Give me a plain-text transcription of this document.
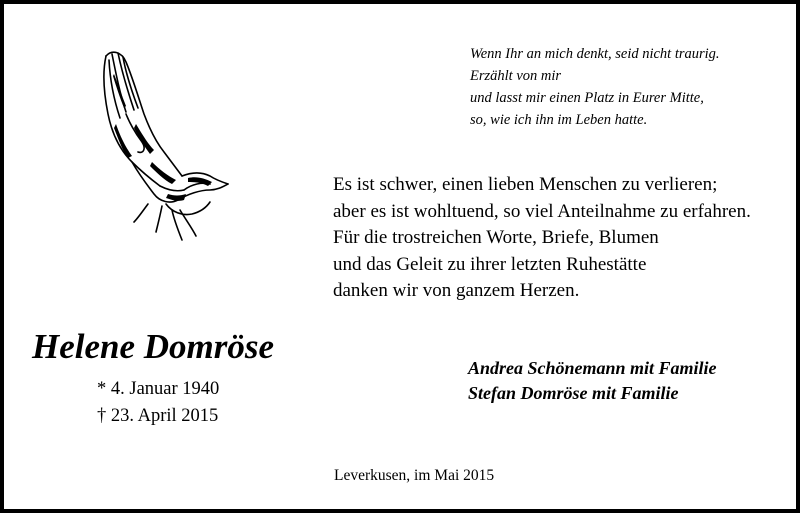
Wenn Ihr an mich denkt, seid nicht traurig.
Erzählt von mir
und lasst mir einen Platz in Eurer Mitte,
so, wie ich ihn im Leben hatte.
Es ist schwer, einen lieben Menschen zu verlieren;
aber es ist wohltuend, so viel Anteilnahme zu erfahren.
Für die trostreichen Worte, Briefe, Blumen
und das Geleit zu ihrer letzten Ruhestätte
danken wir von ganzem Herzen.
Helene Domröse
* 4. Januar 1940
† 23. April 2015
Andrea Schönemann mit Familie
Stefan Domröse mit Familie
Leverkusen, im Mai 2015
